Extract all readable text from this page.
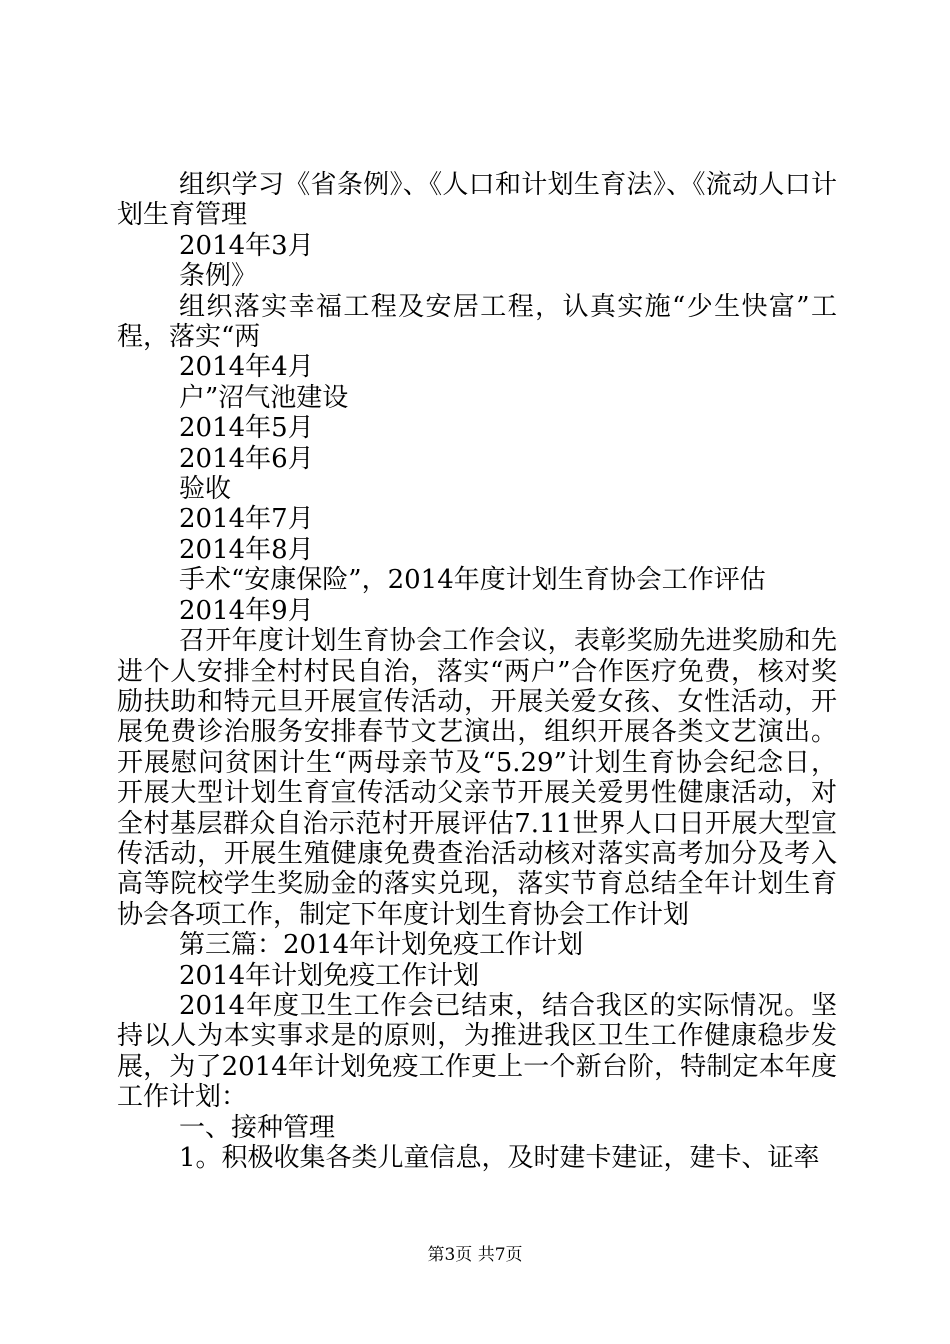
组织学习《省条例》、《人口和计划生育法》、《流动人口计划生育管理

2014年3月

条例》

组织落实幸福工程及安居工程，认真实施“少生快富”工程，落实“两

2014年4月

户”沼气池建设

2014年5月

2014年6月

验收

2014年7月

2014年8月

手术“安康保险”，2014年度计划生育协会工作评估

2014年9月

召开年度计划生育协会工作会议，表彰奖励先进奖励和先进个人安排全村村民自治，落实“两户”合作医疗免费，核对奖励扶助和特元旦开展宣传活动，开展关爱女孩、女性活动，开展免费诊治服务安排春节文艺演出，组织开展各类文艺演出。开展慰问贫困计生“两母亲节及“5.29”计划生育协会纪念日，开展大型计划生育宣传活动父亲节开展关爱男性健康活动，对全村基层群众自治示范村开展评估7.11世界人口日开展大型宣传活动，开展生殖健康免费查治活动核对落实高考加分及考入高等院校学生奖励金的落实兑现，落实节育总结全年计划生育协会各项工作，制定下年度计划生育协会工作计划

第三篇：2014年计划免疫工作计划

2014年计划免疫工作计划

2014年度卫生工作会已结束，结合我区的实际情况。坚持以人为本实事求是的原则，为推进我区卫生工作健康稳步发展，为了2014年计划免疫工作更上一个新台阶，特制定本年度工作计划：

一、接种管理

1。积极收集各类儿童信息，及时建卡建证，建卡、证率

第3页 共7页
